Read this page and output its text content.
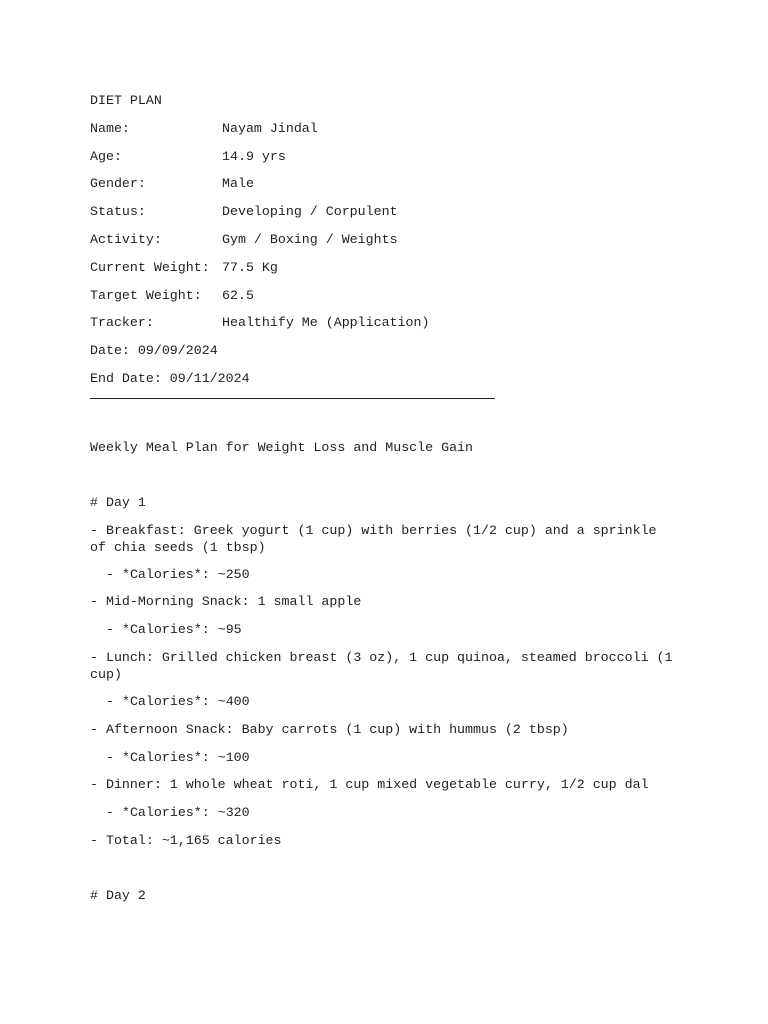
DIET PLAN
Name:	Nayam Jindal
Age:	14.9 yrs
Gender:	Male
Status:	Developing / Corpulent
Activity:	Gym / Boxing / Weights
Current Weight: 77.5 Kg
Target Weight: 62.5
Tracker:	Healthify Me (Application)
Date: 09/09/2024
End Date: 09/11/2024
Weekly Meal Plan for Weight Loss and Muscle Gain
# Day 1
- Breakfast: Greek yogurt (1 cup) with berries (1/2 cup) and a sprinkle of chia seeds (1 tbsp)
- *Calories*: ~250
- Mid-Morning Snack: 1 small apple
- *Calories*: ~95
- Lunch: Grilled chicken breast (3 oz), 1 cup quinoa, steamed broccoli (1 cup)
- *Calories*: ~400
- Afternoon Snack: Baby carrots (1 cup) with hummus (2 tbsp)
- *Calories*: ~100
- Dinner: 1 whole wheat roti, 1 cup mixed vegetable curry, 1/2 cup dal
- *Calories*: ~320
- Total: ~1,165 calories
# Day 2
